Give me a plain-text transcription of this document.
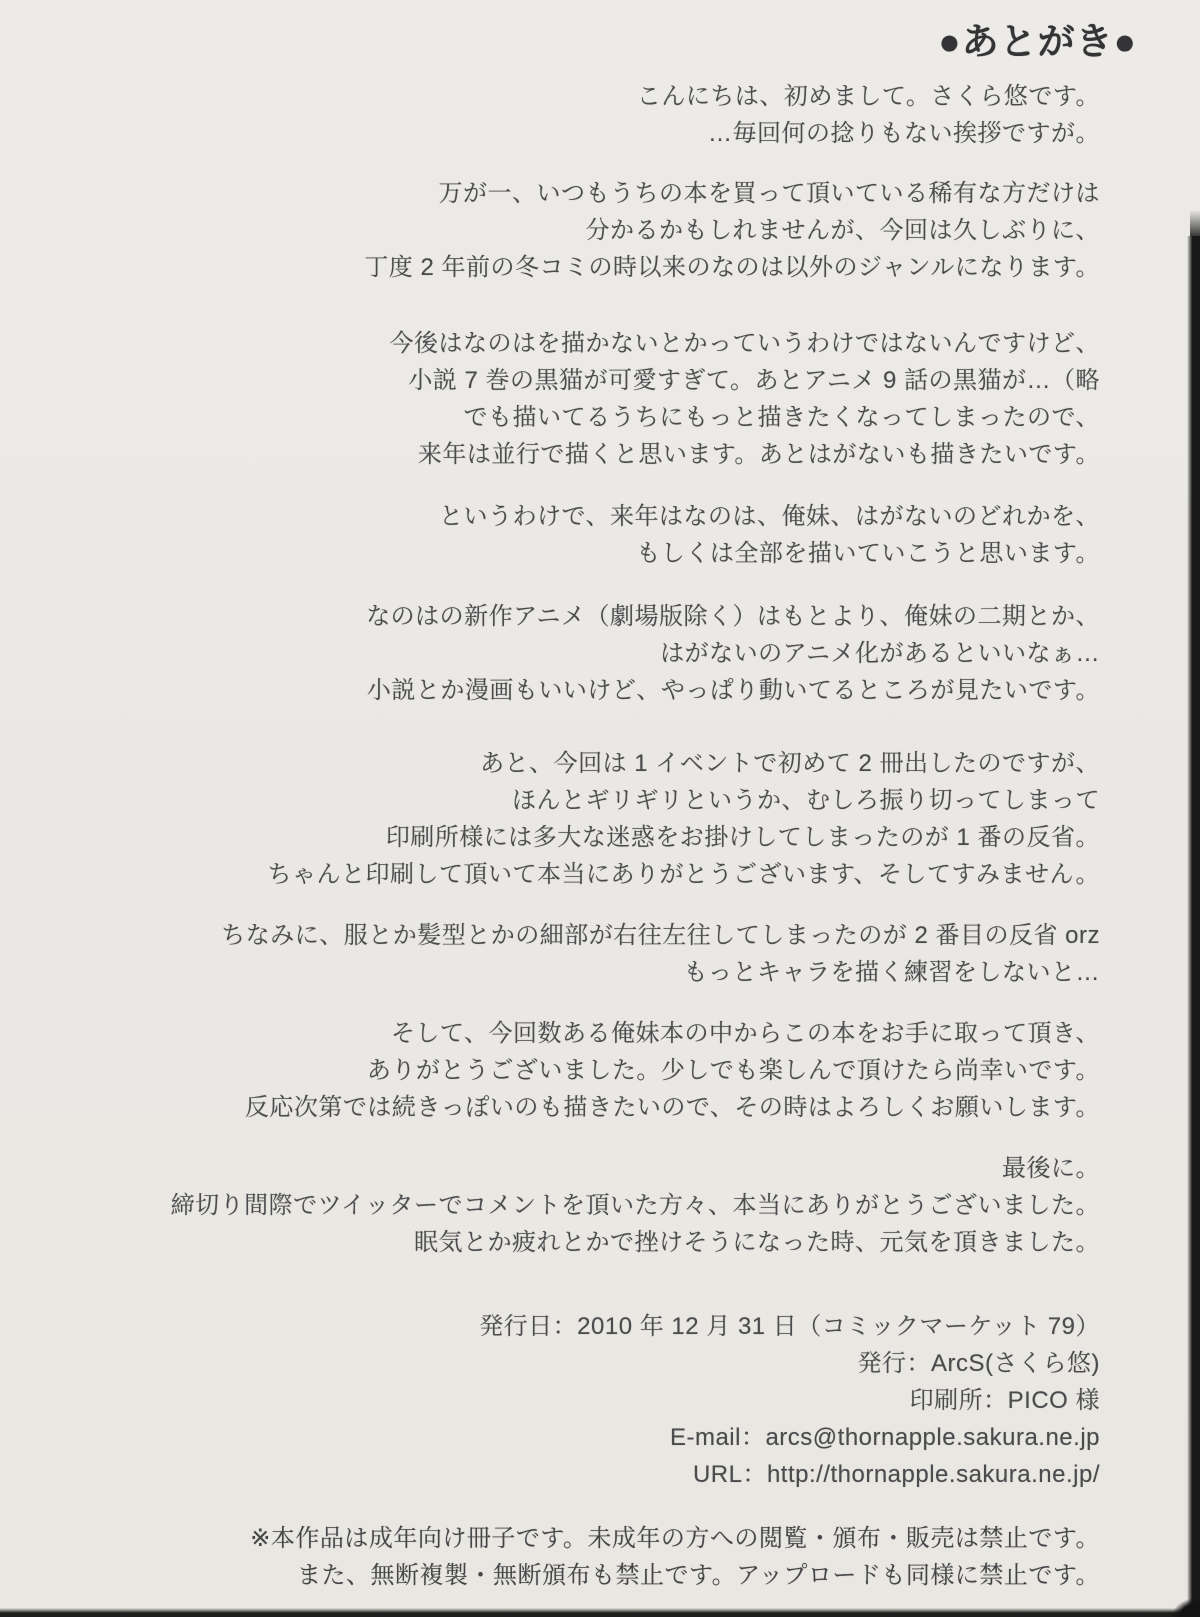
●あとがき●
こんにちは、初めまして。さくら悠です。
…毎回何の捻りもない挨拶ですが。
万が一、いつもうちの本を買って頂いている稀有な方だけは
分かるかもしれませんが、今回は久しぶりに、
丁度 2 年前の冬コミの時以来のなのは以外のジャンルになります。
今後はなのはを描かないとかっていうわけではないんですけど、
小説 7 巻の黒猫が可愛すぎて。あとアニメ 9 話の黒猫が…（略
でも描いてるうちにもっと描きたくなってしまったので、
来年は並行で描くと思います。あとはがないも描きたいです。
というわけで、来年はなのは、俺妹、はがないのどれかを、
もしくは全部を描いていこうと思います。
なのはの新作アニメ（劇場版除く）はもとより、俺妹の二期とか、
はがないのアニメ化があるといいなぁ…
小説とか漫画もいいけど、やっぱり動いてるところが見たいです。
あと、今回は 1 イベントで初めて 2 冊出したのですが、
ほんとギリギリというか、むしろ振り切ってしまって
印刷所様には多大な迷惑をお掛けしてしまったのが 1 番の反省。
ちゃんと印刷して頂いて本当にありがとうございます、そしてすみません。
ちなみに、服とか髪型とかの細部が右往左往してしまったのが 2 番目の反省 orz
もっとキャラを描く練習をしないと…
そして、今回数ある俺妹本の中からこの本をお手に取って頂き、
ありがとうございました。少しでも楽しんで頂けたら尚幸いです。
反応次第では続きっぽいのも描きたいので、その時はよろしくお願いします。
最後に。
締切り間際でツイッターでコメントを頂いた方々、本当にありがとうございました。
眠気とか疲れとかで挫けそうになった時、元気を頂きました。
発行日：2010 年 12 月 31 日（コミックマーケット 79）
発行：ArcS(さくら悠)
印刷所：PICO 様
E-mail：arcs@thornapple.sakura.ne.jp
URL：http://thornapple.sakura.ne.jp/
※本作品は成年向け冊子です。未成年の方への閲覧・頒布・販売は禁止です。
また、無断複製・無断頒布も禁止です。アップロードも同様に禁止です。
